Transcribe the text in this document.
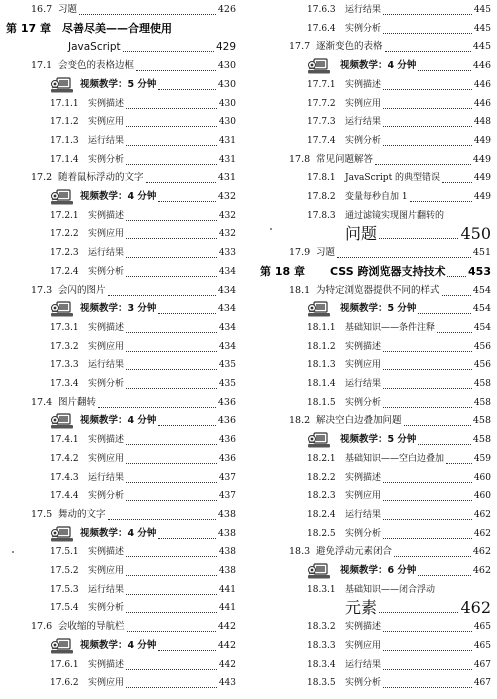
16.7 习题	426
第 17 章 尽善尽美——合理使用
JavaScript	429
17.1 会变色的表格边框	430
视频教学：5 分钟	430
17.1.1 实例描述	430
17.1.2 实例应用	430
17.1.3 运行结果	431
17.1.4 实例分析	431
17.2 随着鼠标浮动的文字	431
视频教学：4 分钟	432
17.2.1 实例描述	432
17.2.2 实例应用	432
17.2.3 运行结果	433
17.2.4 实例分析	434
17.3 会闪的图片	434
视频教学：3 分钟	434
17.3.1 实例描述	434
17.3.2 实例应用	434
17.3.3 运行结果	435
17.3.4 实例分析	435
17.4 图片翻转	436
视频教学：4 分钟	436
17.4.1 实例描述	436
17.4.2 实例应用	436
17.4.3 运行结果	437
17.4.4 实例分析	437
17.5 舞动的文字	438
视频教学：4 分钟	438
17.5.1 实例描述	438
17.5.2 实例应用	438
17.5.3 运行结果	441
17.5.4 实例分析	441
17.6 会收缩的导航栏	442
视频教学：4 分钟	442
17.6.1 实例描述	442
17.6.2 实例应用	443
17.6.3 运行结果	445
17.6.4 实例分析	445
17.7 逐渐变色的表格	445
视频教学：4 分钟	446
17.7.1 实例描述	446
17.7.2 实例应用	446
17.7.3 运行结果	448
17.7.4 实例分析	449
17.8 常见问题解答	449
17.8.1 JavaScript 的典型错误	449
17.8.2 变量每秒自加 1	449
17.8.3 通过滤镜实现图片翻转的
问题	450
17.9 习题	451
第 18 章 CSS 跨浏览器支持技术 453
18.1 为特定浏览器提供不同的样式	454
视频教学：5 分钟	454
18.1.1 基础知识——条件注释	454
18.1.2 实例描述	456
18.1.3 实例应用	456
18.1.4 运行结果	458
18.1.5 实例分析	458
18.2 解决空白边叠加问题	458
视频教学：5 分钟	458
18.2.1 基础知识——空白边叠加	459
18.2.2 实例描述	460
18.2.3 实例应用	460
18.2.4 运行结果	462
18.2.5 实例分析	462
18.3 避免浮动元素闭合	462
视频教学：6 分钟	462
18.3.1 基础知识——闭合浮动
元素	462
18.3.2 实例描述	465
18.3.3 实例应用	465
18.3.4 运行结果	467
18.3.5 实例分析	467
